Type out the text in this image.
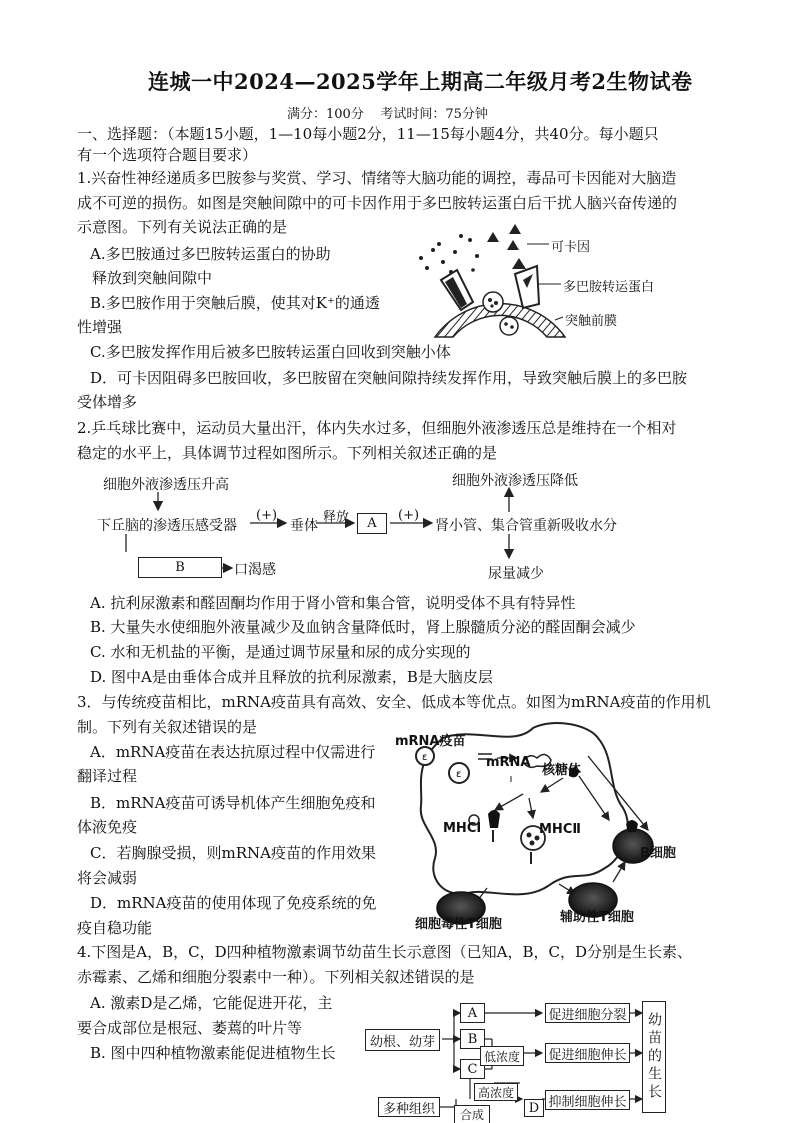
连城一中2024—2025学年上期高二年级月考2生物试卷

满分：100分    考试时间：75分钟

一、选择题：（本题15小题，1—10每小题2分，11—15每小题4分，共40分。每小题只

有一个选项符合题目要求）

1.兴奋性神经递质多巴胺参与奖赏、学习、情绪等大脑功能的调控，毒品可卡因能对大脑造

成不可逆的损伤。如图是突触间隙中的可卡因作用于多巴胺转运蛋白后干扰人脑兴奋传递的

示意图。下列有关说法正确的是

A.多巴胺通过多巴胺转运蛋白的协助

释放到突触间隙中

B.多巴胺作用于突触后膜，使其对K⁺的通透

性增强

C.多巴胺发挥作用后被多巴胺转运蛋白回收到突触小体

D．可卡因阻碍多巴胺回收，多巴胺留在突触间隙持续发挥作用，导致突触后膜上的多巴胺

受体增多

可卡因
多巴胺转运蛋白
突触前膜

2.乒乓球比赛中，运动员大量出汗，体内失水过多，但细胞外液渗透压总是维持在一个相对

稳定的水平上，具体调节过程如图所示。下列相关叙述正确的是

细胞外液渗透压升高	细胞外液渗透压降低
下丘脑的渗透压感受器
(+)
垂体
释放	A
(+)
肾小管、集合管重新吸收水分
B	口渴感	尿量减少

A. 抗利尿激素和醛固酮均作用于肾小管和集合管，说明受体不具有特异性

B. 大量失水使细胞外液量减少及血钠含量降低时，肾上腺髓质分泌的醛固酮会减少

C. 水和无机盐的平衡，是通过调节尿量和尿的成分实现的

D. 图中A是由垂体合成并且释放的抗利尿激素，B是大脑皮层

3．与传统疫苗相比，mRNA疫苗具有高效、安全、低成本等优点。如图为mRNA疫苗的作用机

制。下列有关叙述错误的是

A．mRNA疫苗在表达抗原过程中仅需进行

翻译过程

B．mRNA疫苗可诱导机体产生细胞免疫和

体液免疫

C．若胸腺受损，则mRNA疫苗的作用效果

将会减弱

D．mRNA疫苗的使用体现了免疫系统的免

疫自稳功能

ε
ε
mRNA疫苗
mRNA
核糖体
MHCⅠ	MHCⅡ
B细胞
细胞毒性T细胞	辅助性T细胞

4.下图是A，B，C，D四种植物激素调节幼苗生长示意图（已知A，B，C，D分别是生长素、

赤霉素、乙烯和细胞分裂素中一种）。下列相关叙述错误的是

A. 激素D是乙烯，它能促进开花，主

要合成部位是根冠、萎蔫的叶片等

B. 图中四种植物激素能促进植物生长

幼根、幼芽
A
B
C
低浓度
高浓度
促进细胞分裂
促进细胞伸长
抑制细胞伸长
D
幼苗的生长
多种组织	合成
